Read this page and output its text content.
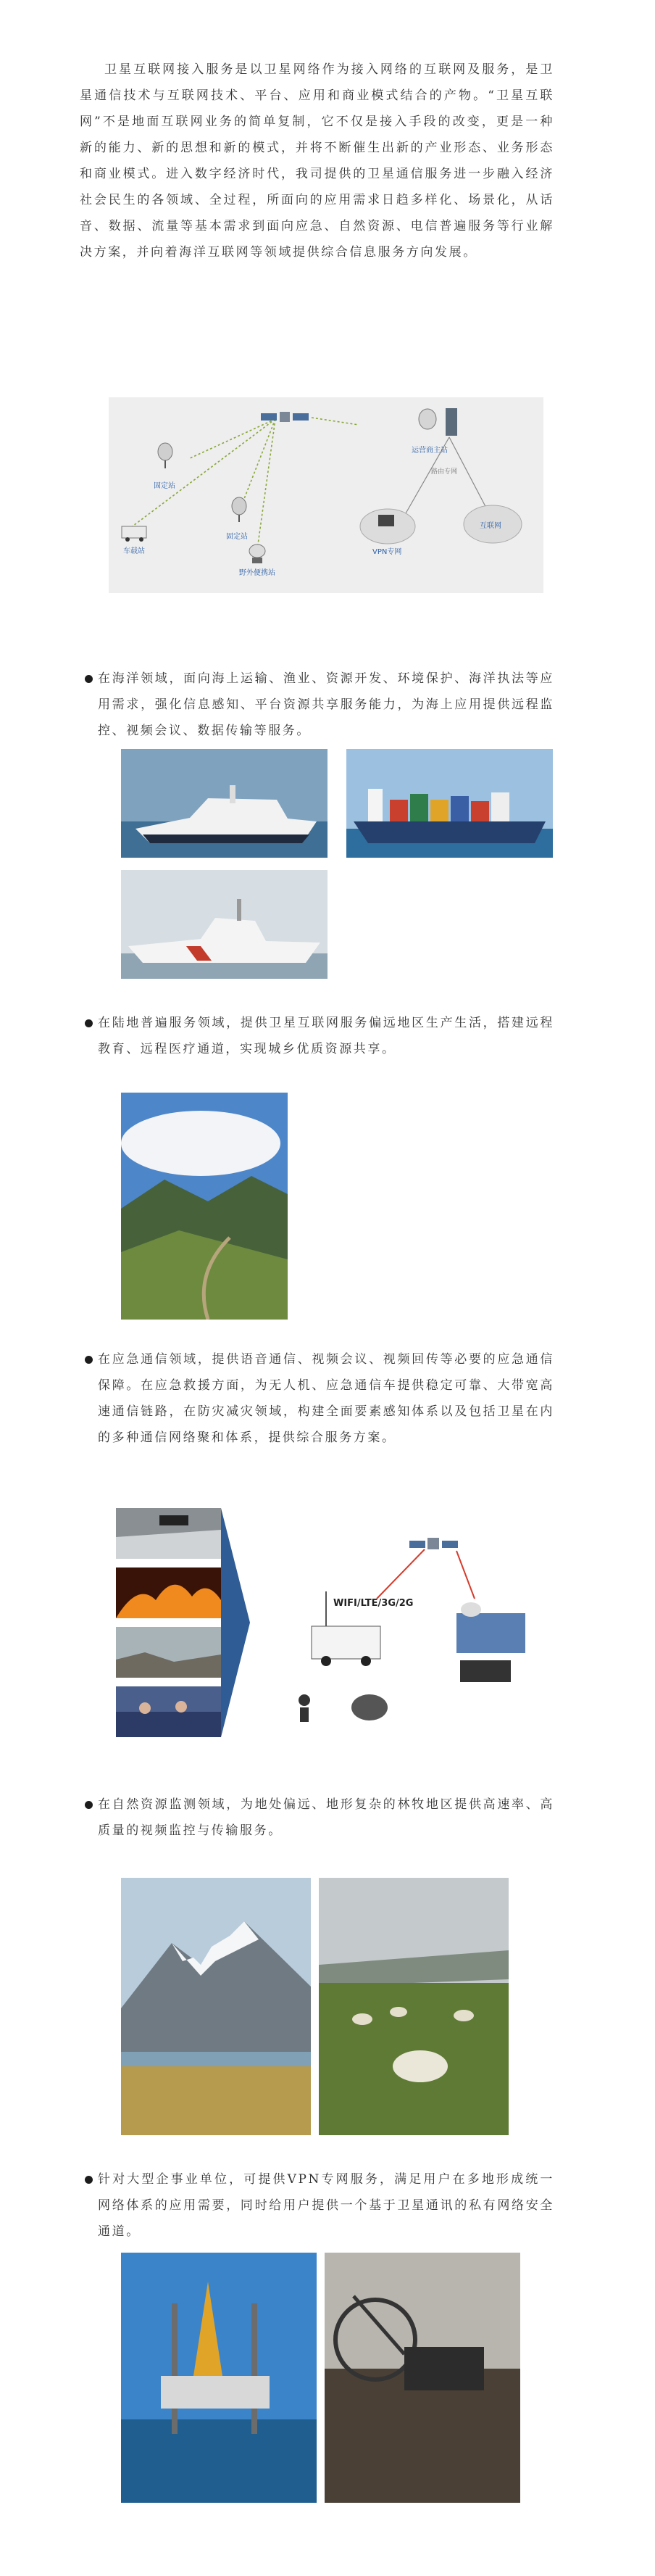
卫星互联网接入服务是以卫星网络作为接入网络的互联网及服务，是卫星通信技术与互联网技术、平台、应用和商业模式结合的产物。“卫星互联网”不是地面互联网业务的简单复制，它不仅是接入手段的改变，更是一种新的能力、新的思想和新的模式，并将不断催生出新的产业形态、业务形态和商业模式。进入数字经济时代，我司提供的卫星通信服务进一步融入经济社会民生的各领域、全过程，所面向的应用需求日趋多样化、场景化，从话音、数据、流量等基本需求到面向应急、自然资源、电信普遍服务等行业解决方案，并向着海洋互联网等领域提供综合信息服务方向发展。

固定站
车载站
固定站
野外便携站
运营商主站
路由专网
VPN专网
互联网
在海洋领域，面向海上运输、渔业、资源开发、环境保护、海洋执法等应用需求，强化信息感知、平台资源共享服务能力，为海上应用提供远程监控、视频会议、数据传输等服务。
在陆地普遍服务领域，提供卫星互联网服务偏远地区生产生活，搭建远程教育、远程医疗通道，实现城乡优质资源共享。
在应急通信领域，提供语音通信、视频会议、视频回传等必要的应急通信保障。在应急救援方面，为无人机、应急通信车提供稳定可靠、大带宽高速通信链路，在防灾减灾领域，构建全面要素感知体系以及包括卫星在内的多种通信网络聚和体系，提供综合服务方案。
WIFI/LTE/3G/2G
在自然资源监测领域，为地处偏远、地形复杂的林牧地区提供高速率、高质量的视频监控与传输服务。
针对大型企事业单位，可提供VPN专网服务，满足用户在多地形成统一网络体系的应用需要，同时给用户提供一个基于卫星通讯的私有网络安全通道。
